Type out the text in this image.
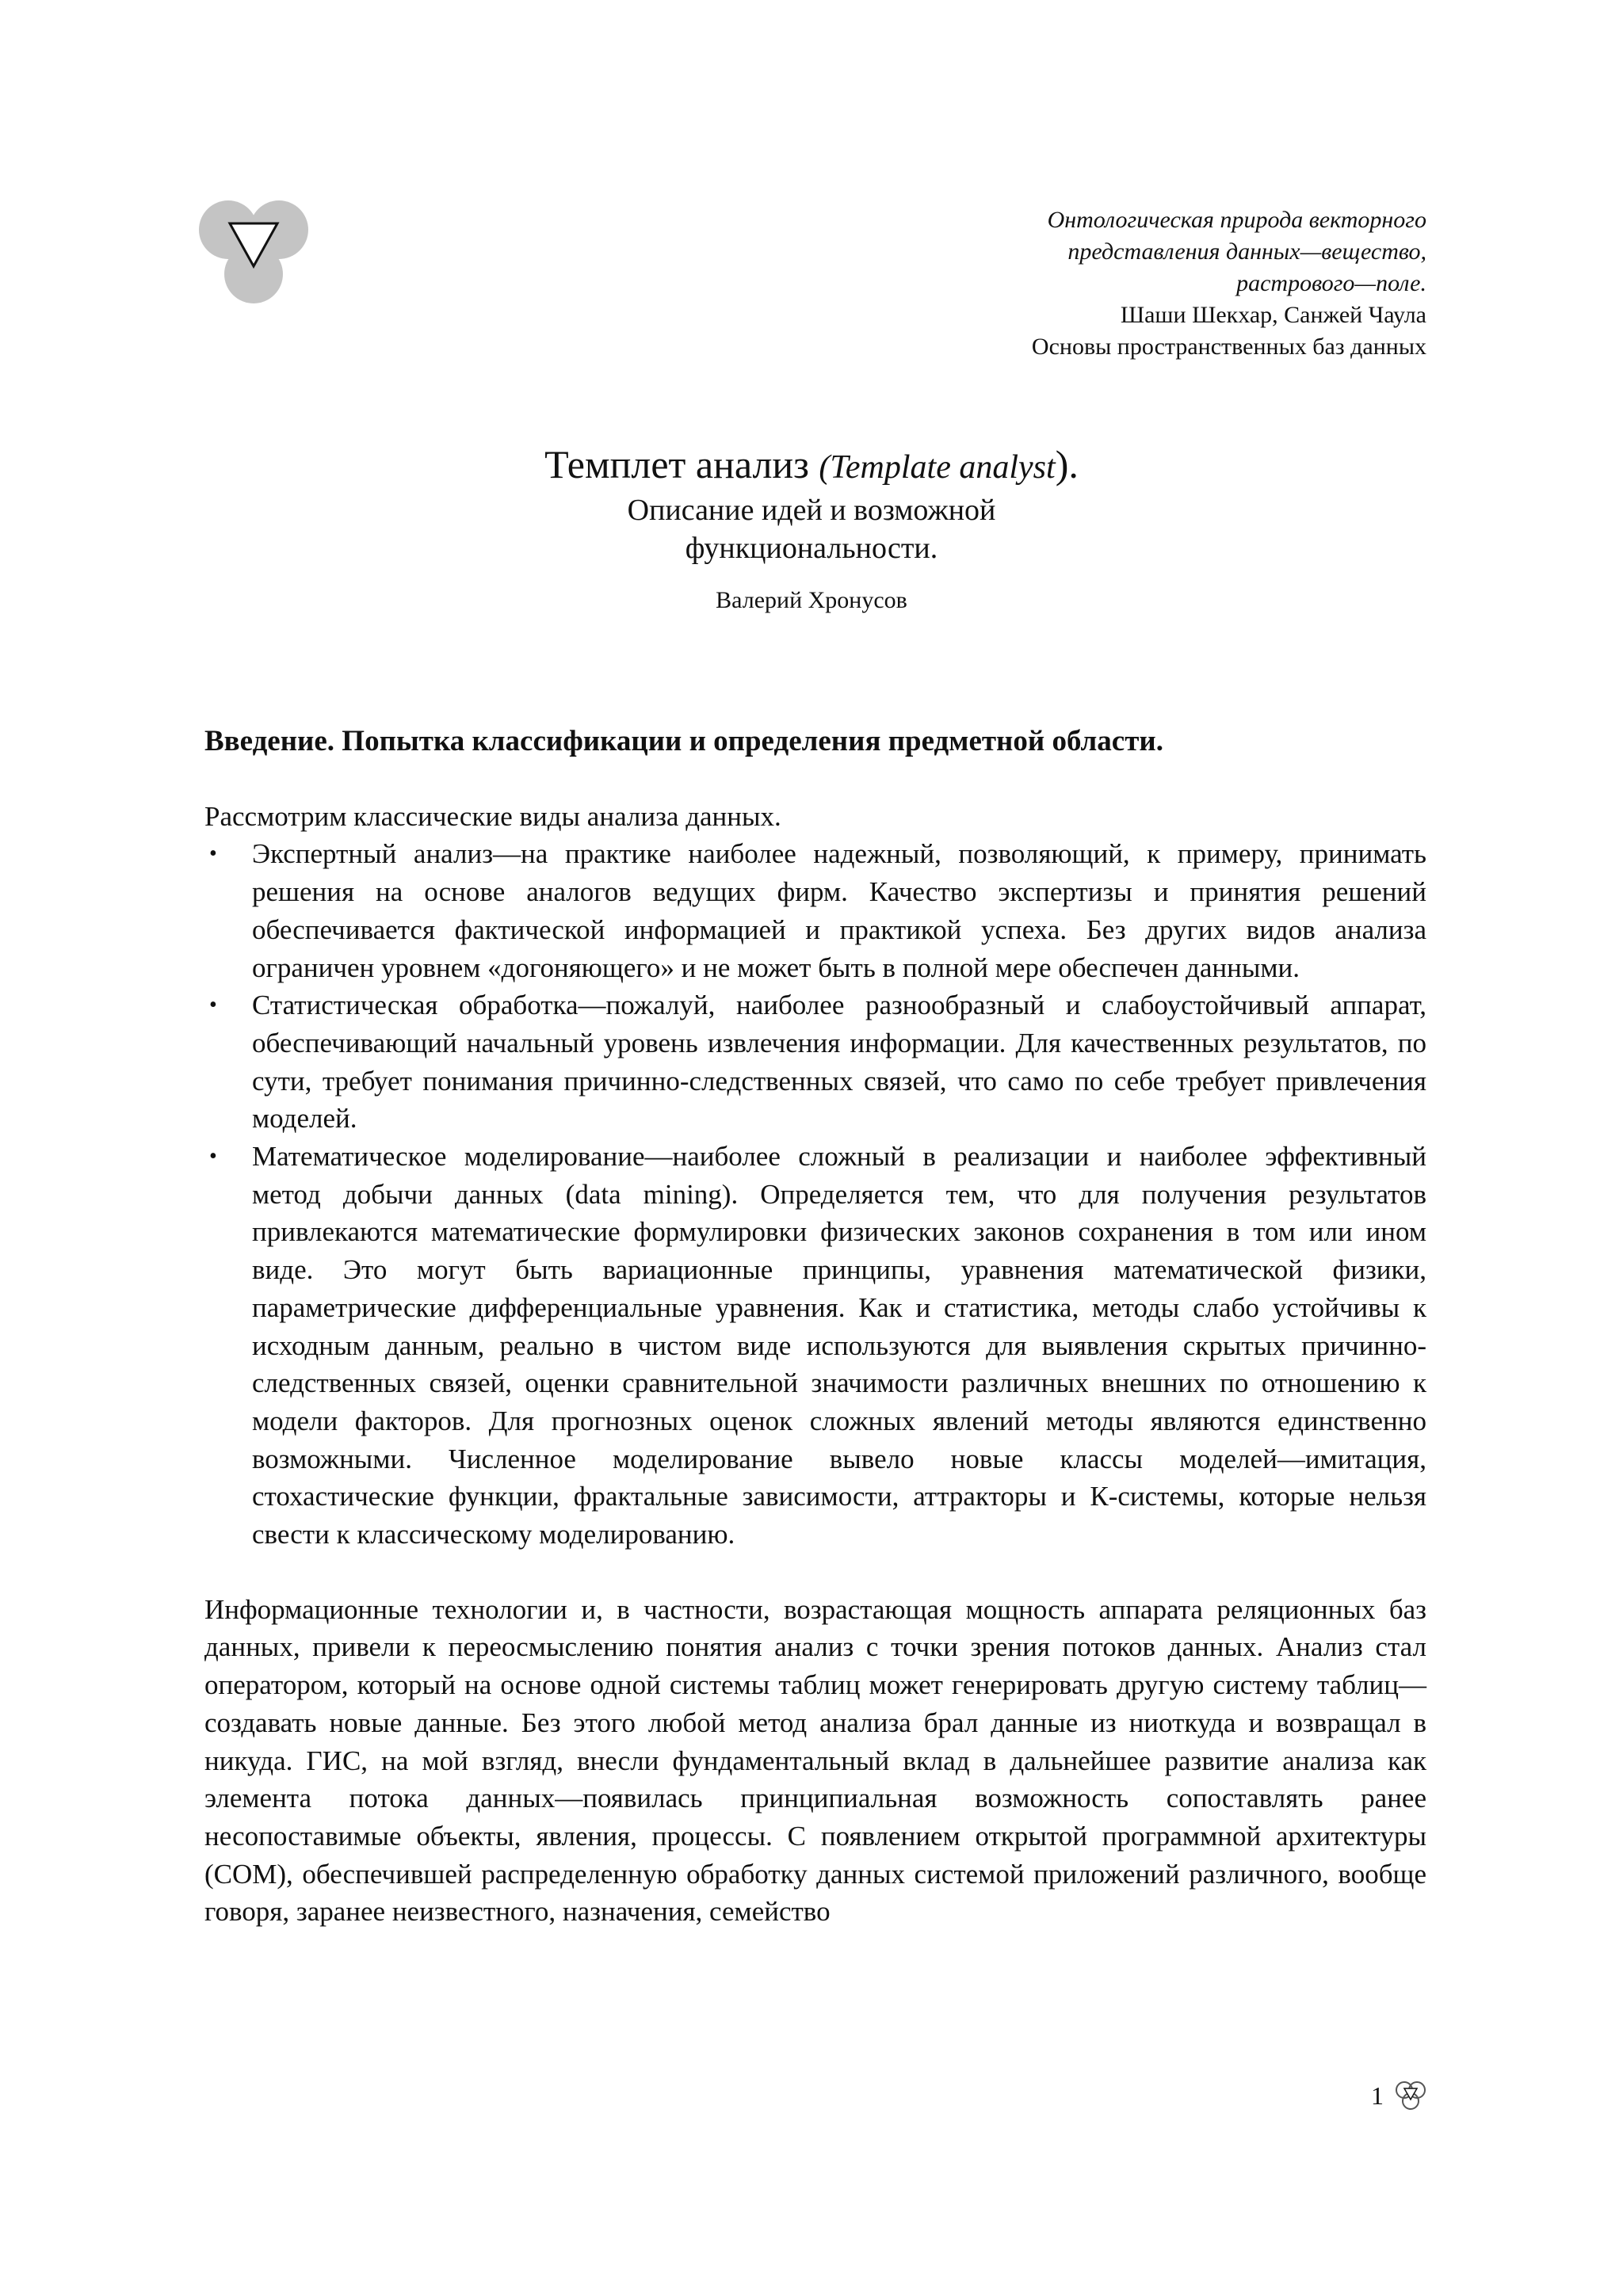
Онтологическая природа векторного
представления данных—вещество,
растрового—поле.
Шаши Шекхар, Санжей Чаула
Основы пространственных баз данных
Темплет анализ (Template analyst).
Описание идей и возможной
функциональности.
Валерий Хронусов
Введение. Попытка классификации и определения предметной области.

Рассмотрим классические виды анализа данных.

• Экспертный анализ—на практике наиболее надежный, позволяющий, к примеру, принимать решения на основе аналогов ведущих фирм. Качество экспертизы и принятия решений обеспечивается фактической информацией и практикой успеха. Без других видов анализа ограничен уровнем «догоняющего» и не может быть в полной мере обеспечен данными.
• Статистическая обработка—пожалуй, наиболее разнообразный и слабоустойчивый аппарат, обеспечивающий начальный уровень извлечения информации. Для качественных результатов, по сути, требует понимания причинно-следственных связей, что само по себе требует привлечения моделей.
• Математическое моделирование—наиболее сложный в реализации и наиболее эффективный метод добычи данных (data mining). Определяется тем, что для получения результатов привлекаются математические формулировки физических законов сохранения в том или ином виде. Это могут быть вариационные принципы, уравнения математической физики, параметрические дифференциальные уравнения. Как и статистика, методы слабо устойчивы к исходным данным, реально в чистом виде используются для выявления скрытых причинно-следственных связей, оценки сравнительной значимости различных внешних по отношению к модели факторов. Для прогнозных оценок сложных явлений методы являются единственно возможными. Численное моделирование вывело новые классы моделей—имитация, стохастические функции, фрактальные зависимости, аттракторы и К-системы, которые нельзя свести к классическому моделированию.

Информационные технологии и, в частности, возрастающая мощность аппарата реляционных баз данных, привели к переосмыслению понятия анализ с точки зрения потоков данных. Анализ стал оператором, который на основе одной системы таблиц может генерировать другую систему таблиц—создавать новые данные. Без этого любой метод анализа брал данные из ниоткуда и возвращал в никуда. ГИС, на мой взгляд, внесли фундаментальный вклад в дальнейшее развитие анализа как элемента потока данных—появилась принципиальная возможность сопоставлять ранее несопоставимые объекты, явления, процессы. С появлением открытой программной архитектуры (COM), обеспечившей распределенную обработку данных системой приложений различного, вообще говоря, заранее неизвестного, назначения, семейство

1
